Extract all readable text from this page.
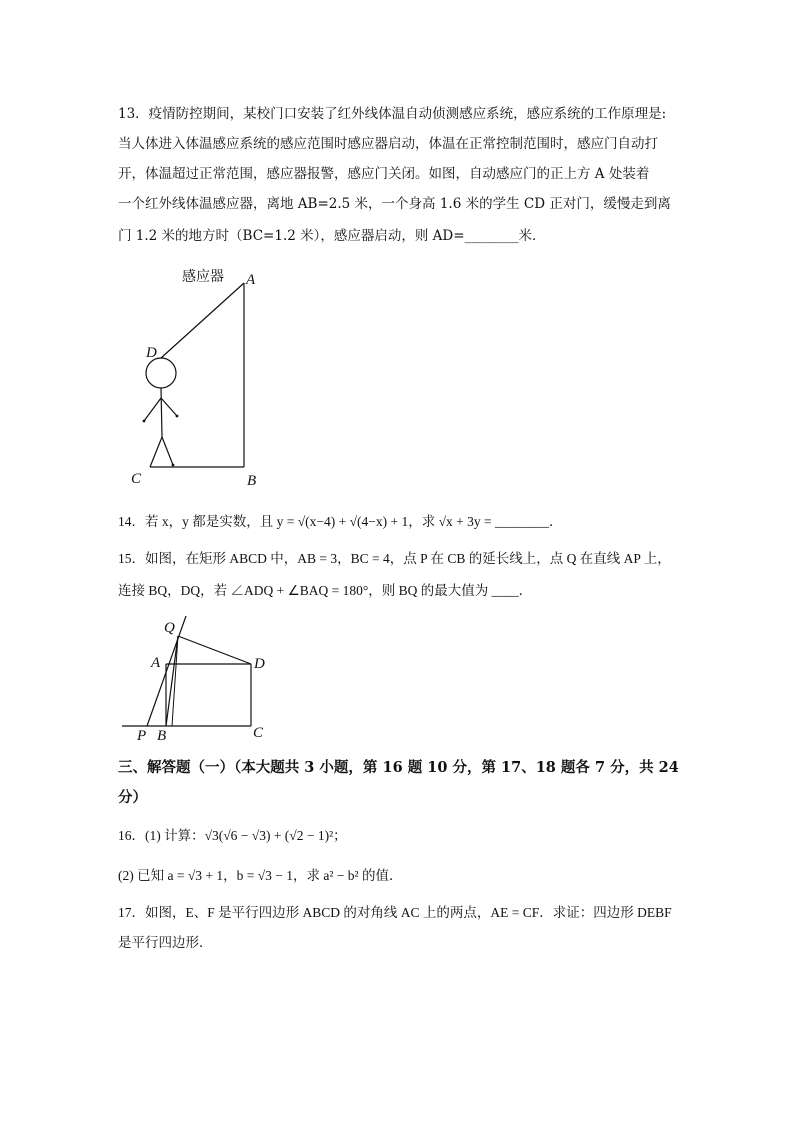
13．疫情防控期间，某校门口安装了红外线体温自动侦测感应系统，感应系统的工作原理是:
当人体进入体温感应系统的感应范围时感应器启动，体温在正常控制范围时，感应门自动打
开，体温超过正常范围，感应器报警，感应门关闭。如图，自动感应门的正上方 A 处装着
一个红外线体温感应器，离地 AB=2.5 米，一个身高 1.6 米的学生 CD 正对门，缓慢走到离
门 1.2 米的地方时（BC=1.2 米），感应器启动，则 AD=________米．
感应器 A
D
C	B
14．若 x，y 都是实数，且 y = √(x−4) + √(4−x) + 1，求 √x + 3y = ________．
15．如图，在矩形 ABCD 中，AB = 3，BC = 4，点 P 在 CB 的延长线上，点 Q 在直线 AP 上，
连接 BQ，DQ，若 ∠ADQ + ∠BAQ = 180°，则 BQ 的最大值为 ____．
Q
A	D
P B	C
三、解答题（一）（本大题共 3 小题，第 16 题 10 分，第 17、18 题各 7 分，共 24
分）
16．(1) 计算：√3(√6 − √3) + (√2 − 1)²；
(2) 已知 a = √3 + 1，b = √3 − 1，求 a² − b² 的值．
17．如图，E、F 是平行四边形 ABCD 的对角线 AC 上的两点，AE = CF．求证：四边形 DEBF
是平行四边形．
